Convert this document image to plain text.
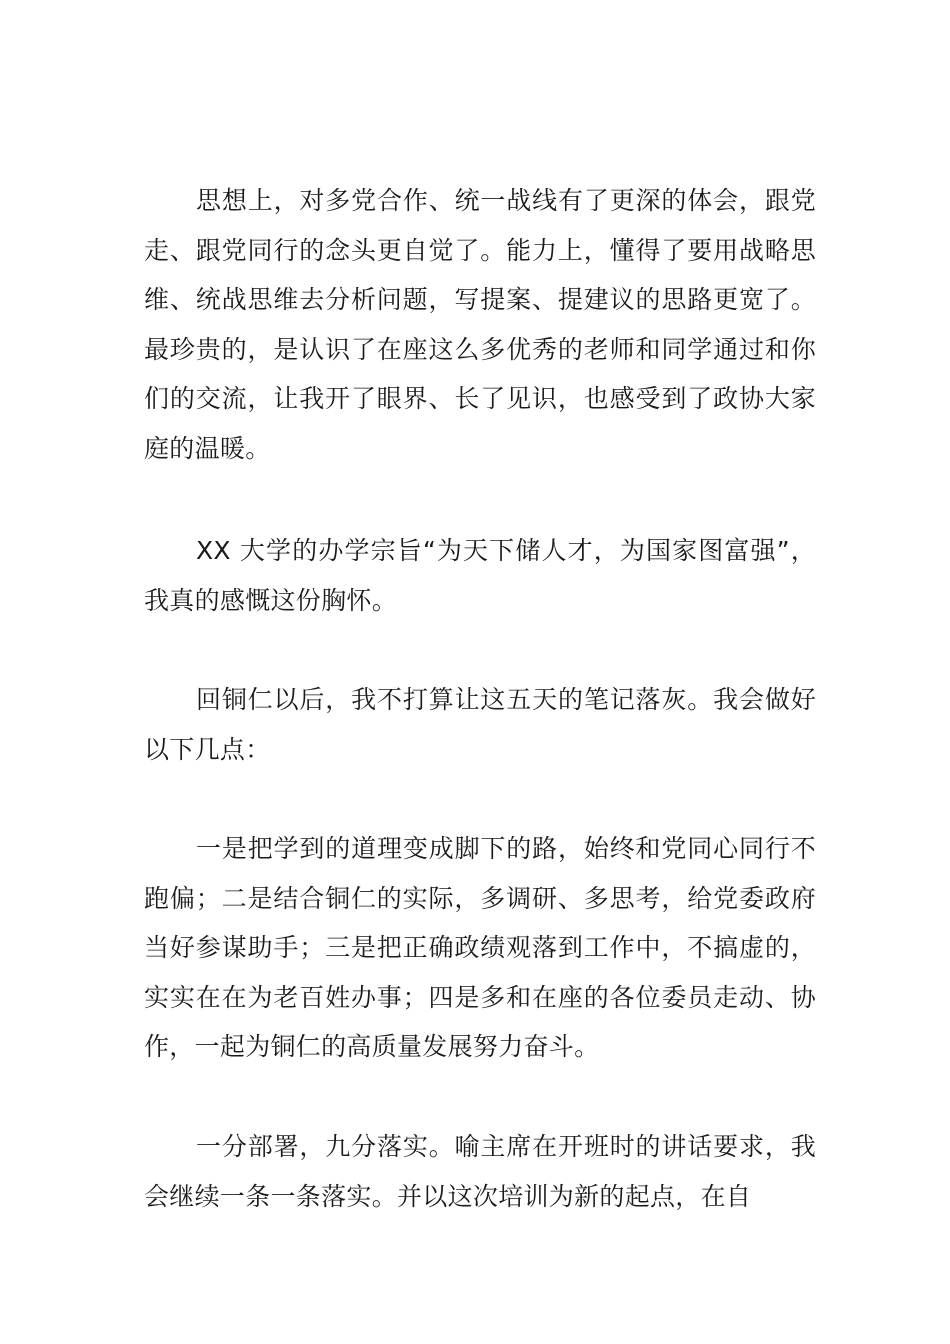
思想上，对多党合作、统一战线有了更深的体会，跟党走、跟党同行的念头更自觉了。能力上，懂得了要用战略思维、统战思维去分析问题，写提案、提建议的思路更宽了。最珍贵的，是认识了在座这么多优秀的老师和同学通过和你们的交流，让我开了眼界、长了见识，也感受到了政协大家庭的温暖。

XX 大学的办学宗旨“为天下储人才，为国家图富强”，我真的感慨这份胸怀。

回铜仁以后，我不打算让这五天的笔记落灰。我会做好以下几点：

一是把学到的道理变成脚下的路，始终和党同心同行不跑偏；二是结合铜仁的实际，多调研、多思考，给党委政府当好参谋助手；三是把正确政绩观落到工作中，不搞虚的，实实在在为老百姓办事；四是多和在座的各位委员走动、协作，一起为铜仁的高质量发展努力奋斗。

一分部署，九分落实。喻主席在开班时的讲话要求，我会继续一条一条落实。并以这次培训为新的起点，在自
